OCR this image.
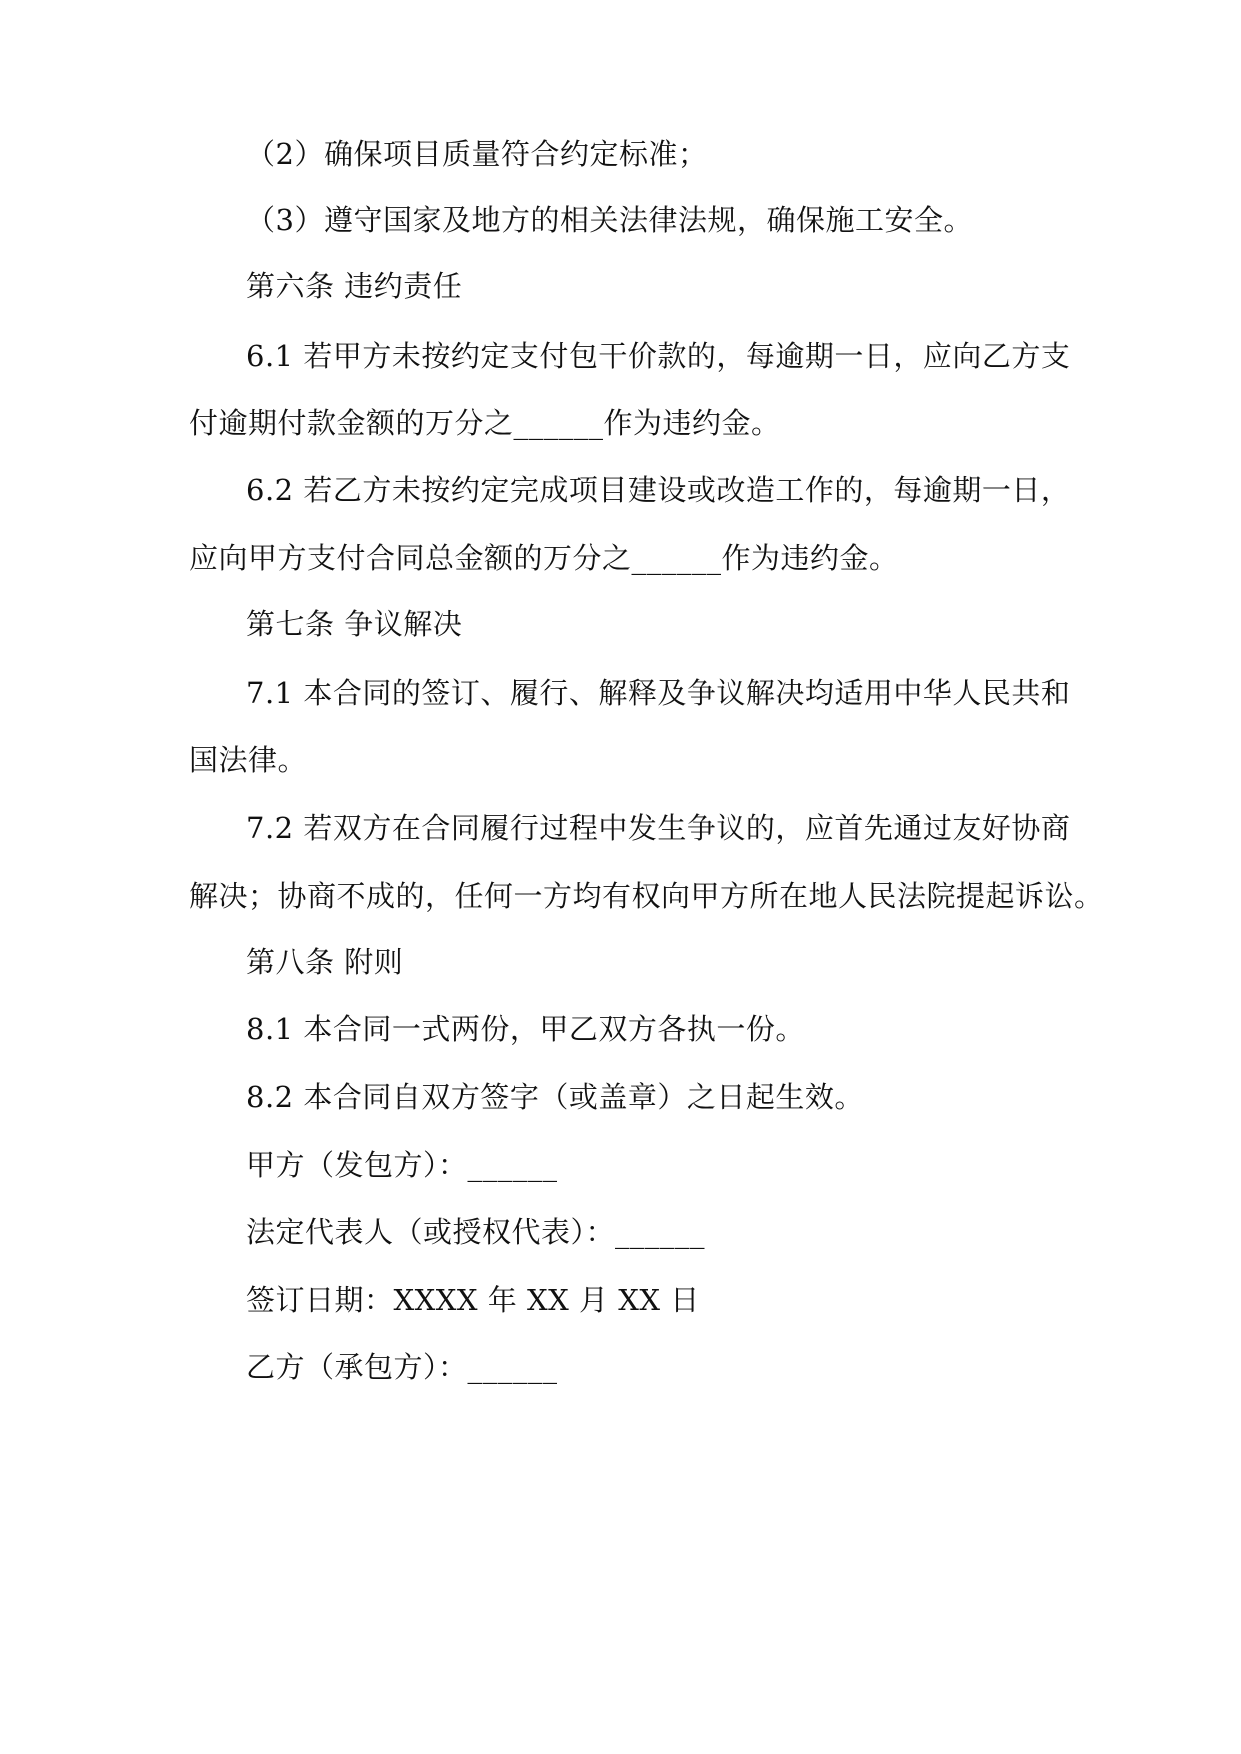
（2）确保项目质量符合约定标准；
（3）遵守国家及地方的相关法律法规，确保施工安全。
第六条 违约责任
6.1 若甲方未按约定支付包干价款的，每逾期一日，应向乙方支
付逾期付款金额的万分之______作为违约金。
6.2 若乙方未按约定完成项目建设或改造工作的，每逾期一日，
应向甲方支付合同总金额的万分之______作为违约金。
第七条 争议解决
7.1 本合同的签订、履行、解释及争议解决均适用中华人民共和
国法律。
7.2 若双方在合同履行过程中发生争议的，应首先通过友好协商
解决；协商不成的，任何一方均有权向甲方所在地人民法院提起诉讼。
第八条 附则
8.1 本合同一式两份，甲乙双方各执一份。
8.2 本合同自双方签字（或盖章）之日起生效。
甲方（发包方）：______
法定代表人（或授权代表）：______
签订日期：XXXX 年 XX 月 XX 日
乙方（承包方）：______
